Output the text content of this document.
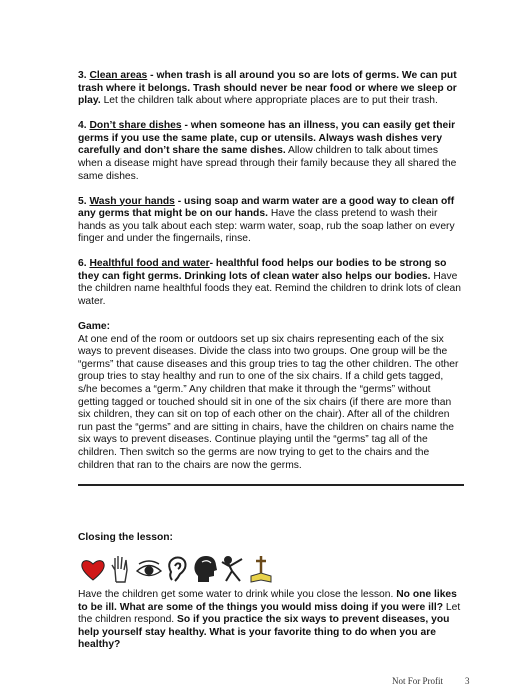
3. Clean areas - when trash is all around you so are lots of germs. We can put trash where it belongs. Trash should never be near food or where we sleep or play. Let the children talk about where appropriate places are to put their trash.

4. Don’t share dishes - when someone has an illness, you can easily get their germs if you use the same plate, cup or utensils. Always wash dishes very carefully and don’t share the same dishes. Allow children to talk about times when a disease might have spread through their family because they all shared the same dishes.

5. Wash your hands - using soap and warm water are a good way to clean off any germs that might be on our hands. Have the class pretend to wash their hands as you talk about each step: warm water, soap, rub the soap lather on every finger and under the fingernails, rinse.

6. Healthful food and water- healthful food helps our bodies to be strong so they can fight germs. Drinking lots of clean water also helps our bodies. Have the children name healthful foods they eat. Remind the children to drink lots of clean water.

Game:

At one end of the room or outdoors set up six chairs representing each of the six ways to prevent diseases. Divide the class into two groups. One group will be the “germs” that cause diseases and this group tries to tag the other children. The other group tries to stay healthy and run to one of the six chairs. If a child gets tagged, s/he becomes a “germ.” Any children that make it through the “germs” without getting tagged or touched should sit in one of the six chairs (if there are more than six children, they can sit on top of each other on the chair). After all of the children run past the “germs” and are sitting in chairs, have the children on chairs name the six ways to prevent diseases. Continue playing until the “germs” tag all of the children. Then switch so the germs are now trying to get to the chairs and the children that ran to the chairs are now the germs.

Closing the lesson:

Have the children get some water to drink while you close the lesson. No one likes to be ill. What are some of the things you would miss doing if you were ill? Let the children respond. So if you practice the six ways to prevent diseases, you help yourself stay healthy. What is your favorite thing to do when you are healthy?

Not For Profit 3
